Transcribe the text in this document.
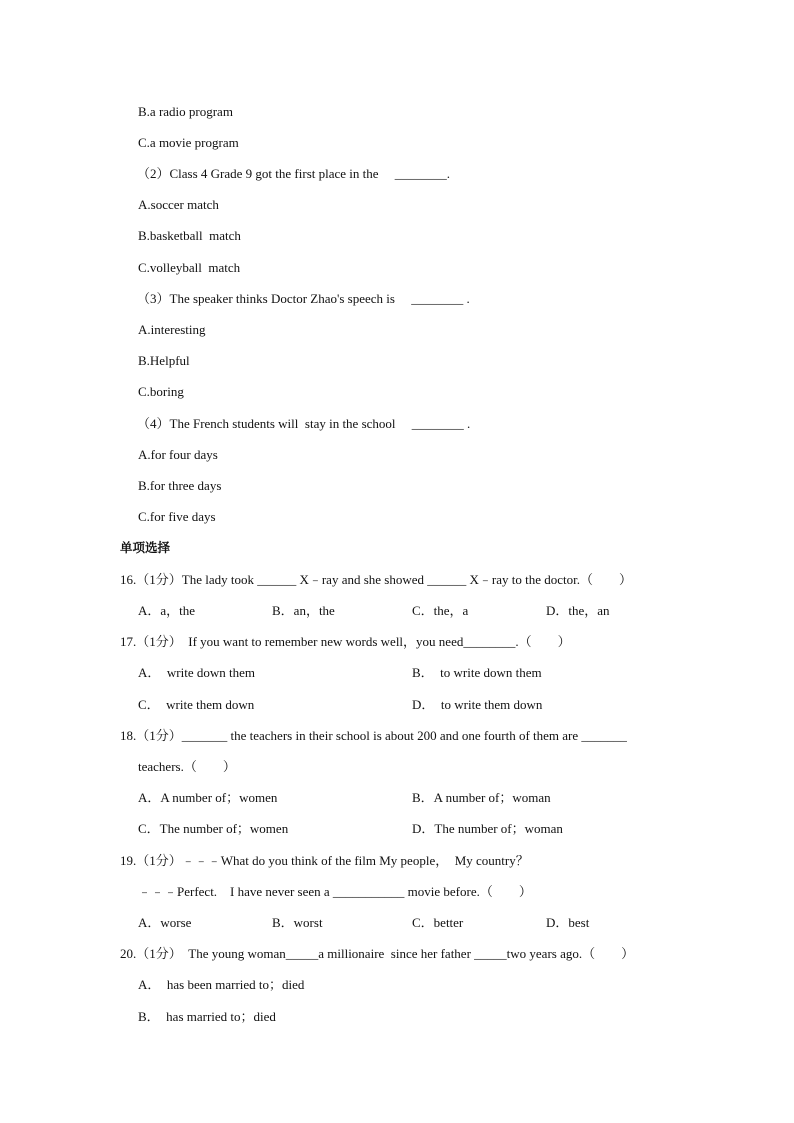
B.a radio program
C.a movie program
（2）Class 4 Grade 9 got the first place in the　 ________.
A.soccer match
B.basketball  match
C.volleyball  match
（3）The speaker thinks Doctor Zhao's speech is　 ________ .
A.interesting
B.Helpful
C.boring
（4）The French students will  stay in the school　 ________ .
A.for four days
B.for three days
C.for five days
单项选择
16.（1分）The lady took ______ X﹣ray and she showed ______ X﹣ray to the doctor.（　　）
A．a，the	B．an，the	C．the，a	D．the，an
17.（1分）　If you want to remember new words well，you need________.（　　）
A．　write down them	B．　to write down them
C．　write them down	D．　to write them down
18.（1分）_______ the teachers in their school is about 200 and one fourth of them are _______
teachers.（　　）
A．A number of；women	B．A number of；woman
C．The number of；women	D．The number of；woman
19.（1分）﹣﹣﹣What do you think of the film My people，　My country？
﹣﹣﹣Perfect.　I have never seen a ___________ movie before.（　　）
A．worse	B．worst	C．better	D．best
20.（1分）　The young woman_____a millionaire  since her father _____two years ago.（　　）
A．　has been married to；died
B．　has married to；died
